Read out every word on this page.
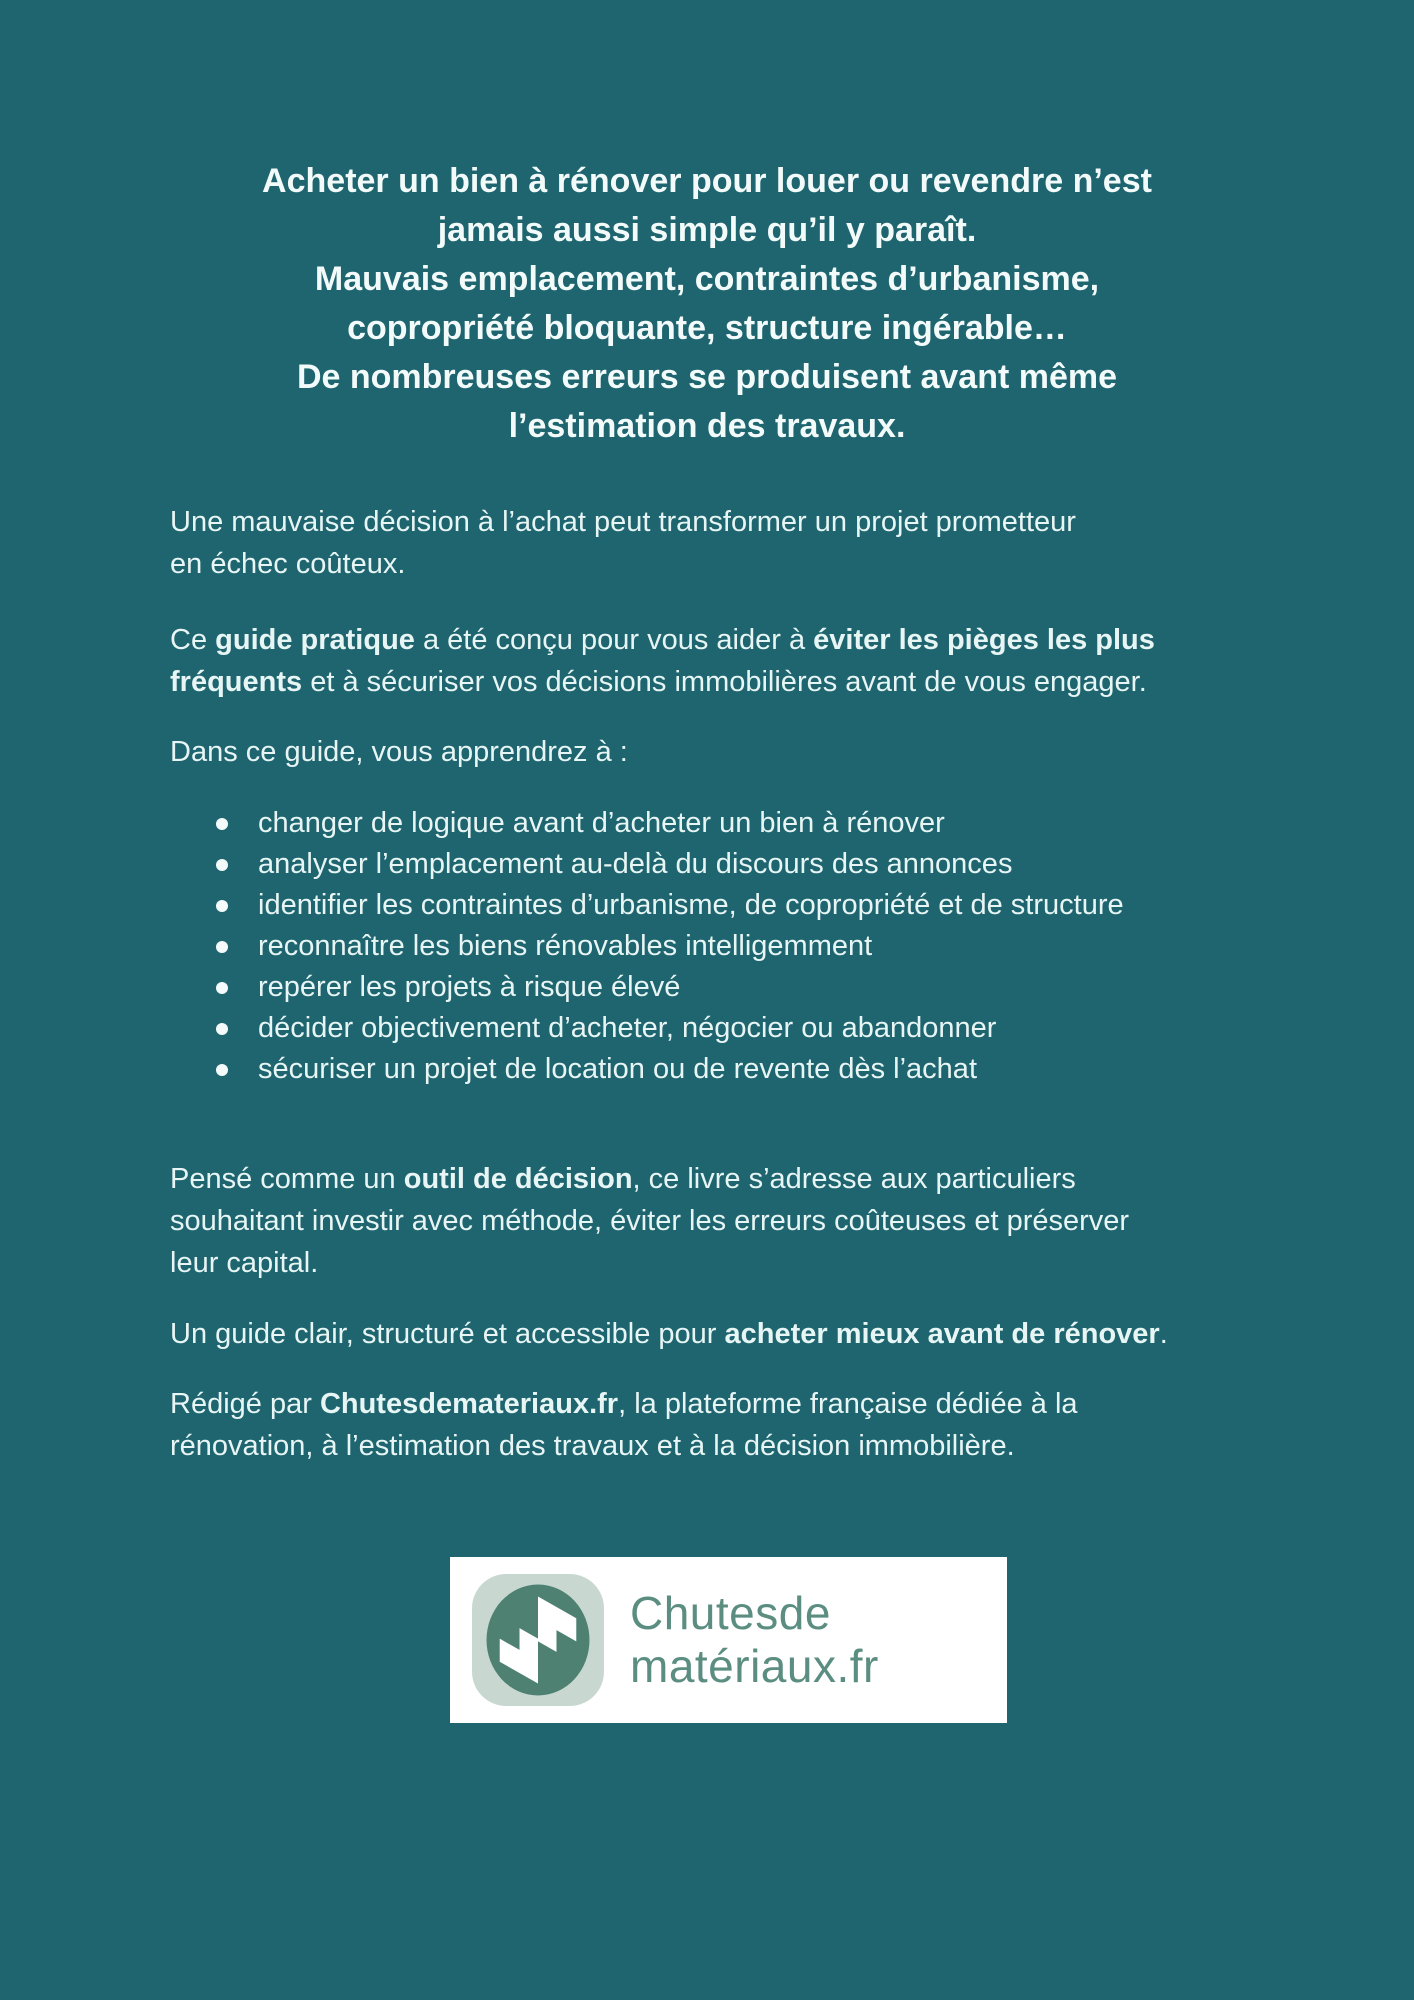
Acheter un bien à rénover pour louer ou revendre n’est
jamais aussi simple qu’il y paraît.
Mauvais emplacement, contraintes d’urbanisme,
copropriété bloquante, structure ingérable…
De nombreuses erreurs se produisent avant même
l’estimation des travaux.
Une mauvaise décision à l’achat peut transformer un projet prometteur
en échec coûteux.
Ce guide pratique a été conçu pour vous aider à éviter les pièges les plus
fréquents et à sécuriser vos décisions immobilières avant de vous engager.
Dans ce guide, vous apprendrez à :
changer de logique avant d’acheter un bien à rénover
analyser l’emplacement au-delà du discours des annonces
identifier les contraintes d’urbanisme, de copropriété et de structure
reconnaître les biens rénovables intelligemment
repérer les projets à risque élevé
décider objectivement d’acheter, négocier ou abandonner
sécuriser un projet de location ou de revente dès l’achat
Pensé comme un outil de décision, ce livre s’adresse aux particuliers
souhaitant investir avec méthode, éviter les erreurs coûteuses et préserver
leur capital.
Un guide clair, structuré et accessible pour acheter mieux avant de rénover.
Rédigé par Chutesdemateriaux.fr, la plateforme française dédiée à la
rénovation, à l’estimation des travaux et à la décision immobilière.
Chutesde
matériaux.fr
